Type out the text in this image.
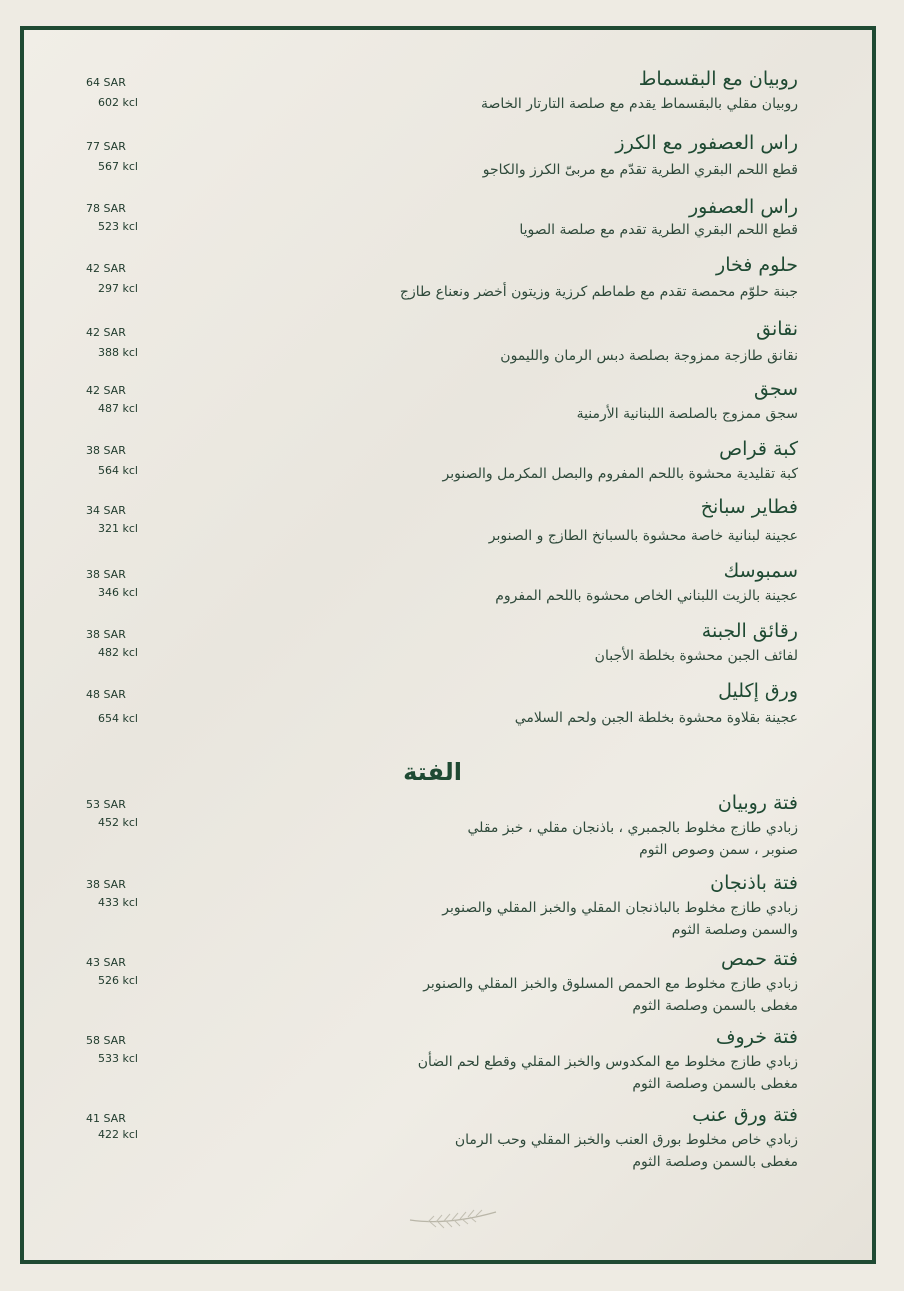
64 SAR
602 kcl
روبيان مع البقسماط
روبيان مقلي بالبقسماط يقدم مع صلصة التارتار الخاصة
77 SAR
567 kcl
راس العصفور مع الكرز
قطع اللحم البقري الطرية تقدّم مع مربىّ الكرز والكاجو
78 SAR
523 kcl
راس العصفور
قطع اللحم البقري الطرية تقدم مع صلصة الصويا
42 SAR
297 kcl
حلوم فخار
جبنة حلوّم محمصة تقدم مع طماطم كرزية وزيتون أخضر ونعناع طازج
42 SAR
388 kcl
نقانق
نقانق طازجة ممزوجة بصلصة دبس الرمان والليمون
42 SAR
487 kcl
سجق
سجق ممزوج بالصلصة اللبنانية الأرمنية
38 SAR
564 kcl
كبة قراص
كبة تقليدية محشوة باللحم المفروم والبصل المكرمل والصنوبر
34 SAR
321 kcl
فطاير سبانخ
عجينة لبنانية خاصة محشوة بالسبانخ الطازج و الصنوبر
38 SAR
346 kcl
سمبوسك
عجينة بالزيت اللبناني الخاص محشوة باللحم المفروم
38 SAR
482 kcl
رقائق الجبنة
لفائف الجبن محشوة بخلطة الأجبان
48 SAR
654 kcl
ورق إكليل
عجينة بقلاوة محشوة بخلطة الجبن ولحم السلامي
الفتة
53 SAR
452 kcl
فتة روبيان
زبادي طازج مخلوط بالجمبري ، باذنجان مقلي ، خبز مقلي
صنوبر ، سمن وصوص الثوم
38 SAR
433 kcl
فتة باذنجان
زبادي طازج مخلوط بالباذنجان المقلي والخبز المقلي والصنوبر
والسمن وصلصة الثوم
43 SAR
526 kcl
فتة حمص
زبادي طازج مخلوط مع الحمص المسلوق والخبز المقلي والصنوبر
مغطى بالسمن وصلصة الثوم
58 SAR
533 kcl
فتة خروف
زبادي طازج مخلوط مع المكدوس والخبز المقلي وقطع لحم الضأن
مغطى بالسمن وصلصة الثوم
41 SAR
422 kcl
فتة ورق عنب
زبادي خاص مخلوط بورق العنب والخبز المقلي وحب الرمان
مغطى بالسمن وصلصة الثوم
